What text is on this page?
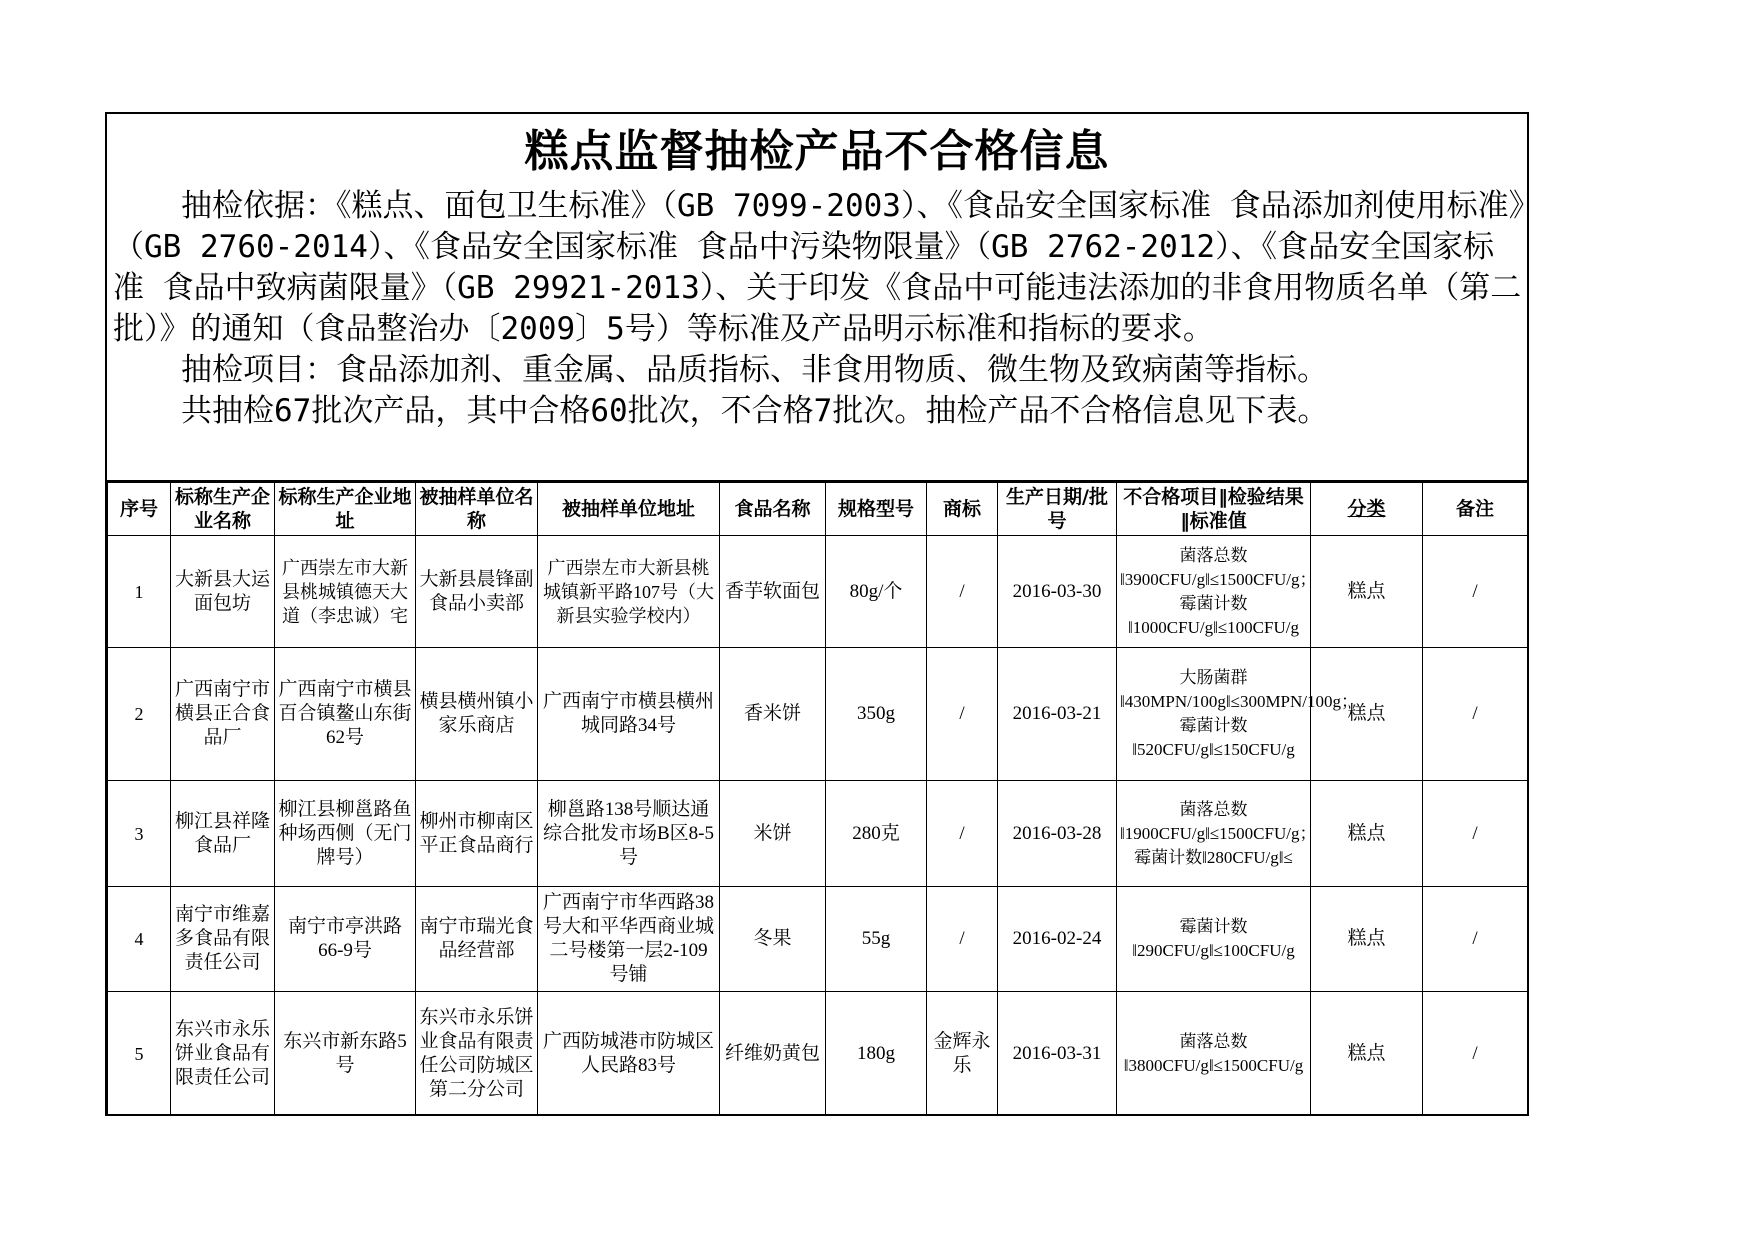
糕点监督抽检产品不合格信息

抽检依据：《糕点、面包卫生标准》（GB 7099-2003）、《食品安全国家标准 食品添加剂使用标准》（GB 2760-2014）、《食品安全国家标准 食品中污染物限量》（GB 2762-2012）、《食品安全国家标准 食品中致病菌限量》（GB 29921-2013）、关于印发《食品中可能违法添加的非食用物质名单（第二批）》的通知（食品整治办〔2009〕5号）等标准及产品明示标准和指标的要求。

抽检项目：食品添加剂、重金属、品质指标、非食用物质、微生物及致病菌等指标。

共抽检67批次产品，其中合格60批次，不合格7批次。抽检产品不合格信息见下表。

序号	标称生产企业名称	标称生产企业地址	被抽样单位名称	被抽样单位地址	食品名称	规格型号	商标	生产日期/批号	不合格项目‖检验结果‖标准值	分类	备注
1	大新县大运面包坊	广西崇左市大新县桃城镇德天大道（李忠诚）宅	大新县晨锋副食品小卖部	广西崇左市大新县桃城镇新平路107号（大新县实验学校内）	香芋软面包	80g/个	/	2016-03-30	菌落总数‖3900CFU/g‖≤1500CFU/g；霉菌计数‖1000CFU/g‖≤100CFU/g	糕点	/
2	广西南宁市横县正合食品厂	广西南宁市横县百合镇鳌山东街62号	横县横州镇小家乐商店	广西南宁市横县横州城同路34号	香米饼	350g	/	2016-03-21	大肠菌群‖430MPN/100g‖≤300MPN/100g；霉菌计数‖520CFU/g‖≤150CFU/g	糕点	/
3	柳江县祥隆食品厂	柳江县柳邕路鱼种场西侧（无门牌号）	柳州市柳南区平正食品商行	柳邕路138号顺达通综合批发市场B区8-5号	米饼	280克	/	2016-03-28	菌落总数‖1900CFU/g‖≤1500CFU/g；霉菌计数‖280CFU/g‖≤	糕点	/
4	南宁市维嘉多食品有限责任公司	南宁市亭洪路66-9号	南宁市瑞光食品经营部	广西南宁市华西路38号大和平华西商业城二号楼第一层2-109号铺	冬果	55g	/	2016-02-24	霉菌计数‖290CFU/g‖≤100CFU/g	糕点	/
5	东兴市永乐饼业食品有限责任公司	东兴市新东路5号	东兴市永乐饼业食品有限责任公司防城区第二分公司	广西防城港市防城区人民路83号	纤维奶黄包	180g	金辉永乐	2016-03-31	菌落总数‖3800CFU/g‖≤1500CFU/g	糕点	/
